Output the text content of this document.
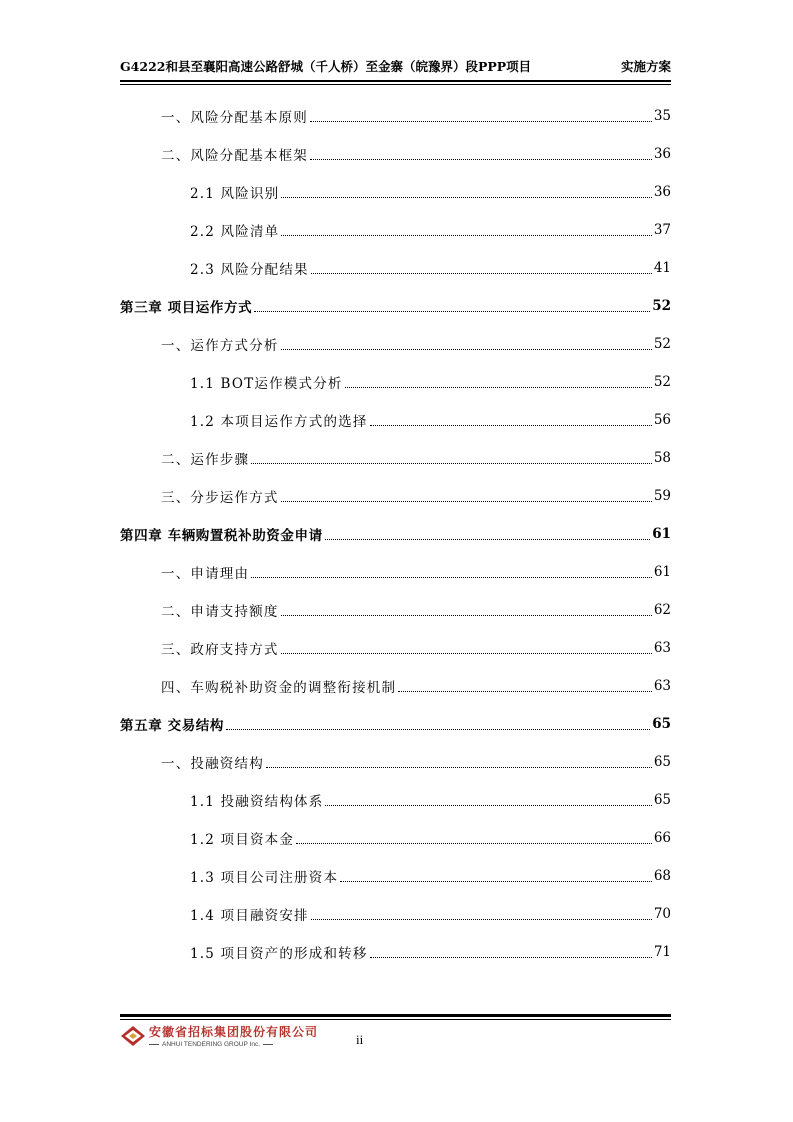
G4222和县至襄阳高速公路舒城（千人桥）至金寨（皖豫界）段PPP项目	实施方案
一、风险分配基本原则	35
二、风险分配基本框架	36
2.1 风险识别	36
2.2 风险清单	37
2.3 风险分配结果	41
第三章 项目运作方式	52
一、运作方式分析	52
1.1 BOT运作模式分析	52
1.2 本项目运作方式的选择	56
二、运作步骤	58
三、分步运作方式	59
第四章 车辆购置税补助资金申请	61
一、申请理由	61
二、申请支持额度	62
三、政府支持方式	63
四、车购税补助资金的调整衔接机制	63
第五章 交易结构	65
一、投融资结构	65
1.1 投融资结构体系	65
1.2 项目资本金	66
1.3 项目公司注册资本	68
1.4 项目融资安排	70
1.5 项目资产的形成和转移	71
安徽省招标集团股份有限公司
ANHUI TENDERING GROUP Inc.	ii
